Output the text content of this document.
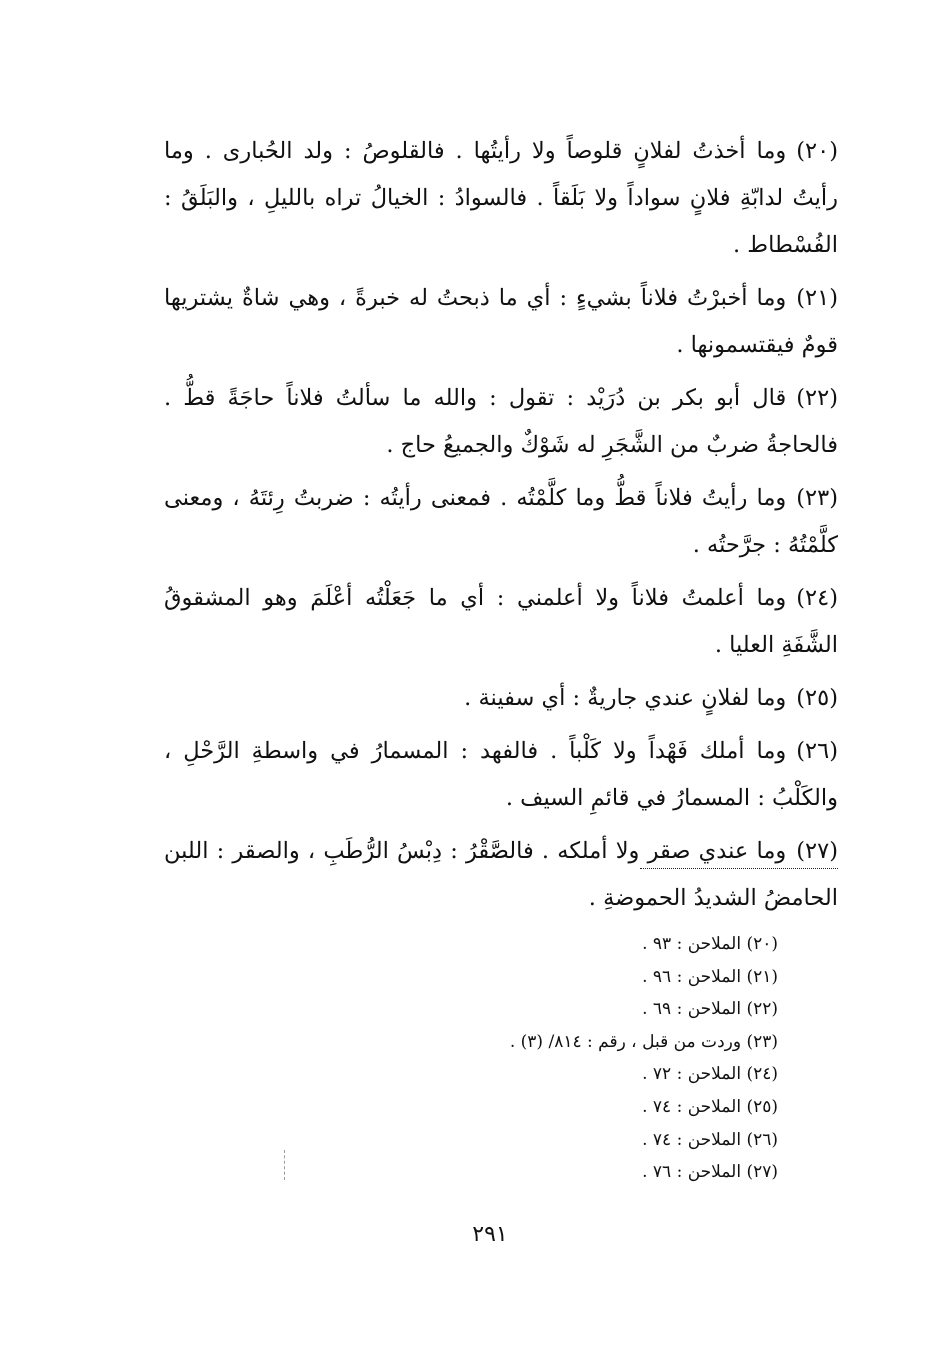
(٢٠)وما أخذتُ لفلانٍ قلوصاً ولا رأيتُها . فالقلوصُ : ولد الحُبارى . وما رأيتُ لدابّةِ فلانٍ سواداً ولا بَلَقاً . فالسوادُ : الخيالُ تراه بالليلِ ، والبَلَقُ : الفُسْطاط .

(٢١)وما أخبرْتُ فلاناً بشيءٍ : أي ما ذبحتُ له خبرةً ، وهي شاةٌ يشتريها قومٌ فيقتسمونها .

(٢٢)قال أبو بكر بن دُرَيْد : تقول : والله ما سألتُ فلاناً حاجَةً قطُّ . فالحاجةُ ضربٌ من الشَّجَرِ له شَوْكٌ والجميعُ حاج .

(٢٣)وما رأيتُ فلاناً قطُّ وما كلَّمْتُه . فمعنى رأيتُه : ضربتُ رِئتَهُ ، ومعنى كلَّمْتُهُ : جرَّحتُه .

(٢٤)وما أعلمتُ فلاناً ولا أعلمني : أي ما جَعَلْتُه أعْلَمَ وهو المشقوقُ الشَّفَةِ العليا .

(٢٥)وما لفلانٍ عندي جاريةٌ : أي سفينة .

(٢٦)وما أملك فَهْداً ولا كَلْباً . فالفهد : المسمارُ في واسطةِ الرَّحْلِ ، والكَلْبُ : المسمارُ في قائمِ السيف .

(٢٧)وما عندي صقر ولا أملكه . فالصَّقْرُ : دِبْسُ الرُّطَبِ ، والصقر : اللبن الحامضُ الشديدُ الحموضةِ .

(٢٠) الملاحن : ٩٣ .
(٢١) الملاحن : ٩٦ .
(٢٢) الملاحن : ٦٩ .
(٢٣) وردت من قبل ، رقم : ٨١٤/ (٣) .
(٢٤) الملاحن : ٧٢ .
(٢٥) الملاحن : ٧٤ .
(٢٦) الملاحن : ٧٤ .
(٢٧) الملاحن : ٧٦ .
٢٩١
